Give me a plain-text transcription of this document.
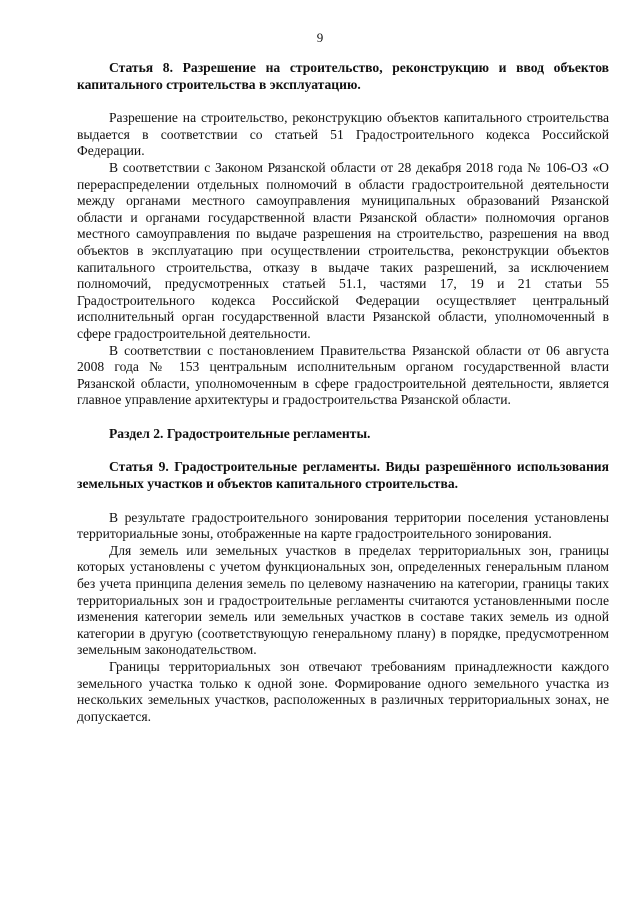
9

Статья 8. Разрешение на строительство, реконструкцию и ввод объектов капитального строительства в эксплуатацию.

Разрешение на строительство, реконструкцию объектов капитального строительства выдается в соответствии со статьей 51 Градостроительного кодекса Российской Федерации.

В соответствии с Законом Рязанской области от 28 декабря 2018 года № 106-ОЗ «О перераспределении отдельных полномочий в области градостроительной деятельности между органами местного самоуправления муниципальных образований Рязанской области и органами государственной власти Рязанской области» полномочия органов местного самоуправления по выдаче разрешения на строительство, разрешения на ввод объектов в эксплуатацию при осуществлении строительства, реконструкции объектов капитального строительства, отказу в выдаче таких разрешений, за исключением полномочий, предусмотренных статьей 51.1, частями 17, 19 и 21 статьи 55 Градостроительного кодекса Российской Федерации осуществляет центральный исполнительный орган государственной власти Рязанской области, уполномоченный в сфере градостроительной деятельности.

В соответствии с постановлением Правительства Рязанской области от 06 августа 2008 года № 153 центральным исполнительным органом государственной власти Рязанской области, уполномоченным в сфере градостроительной деятельности, является главное управление архитектуры и градостроительства Рязанской области.

Раздел 2. Градостроительные регламенты.

Статья 9. Градостроительные регламенты. Виды разрешённого использования земельных участков и объектов капитального строительства.

В результате градостроительного зонирования территории поселения установлены территориальные зоны, отображенные на карте градостроительного зонирования.

Для земель или земельных участков в пределах территориальных зон, границы которых установлены с учетом функциональных зон, определенных генеральным планом без учета принципа деления земель по целевому назначению на категории, границы таких территориальных зон и градостроительные регламенты считаются установленными после изменения категории земель или земельных участков в составе таких земель из одной категории в другую (соответствующую генеральному плану) в порядке, предусмотренном земельным законодательством.

Границы территориальных зон отвечают требованиям принадлежности каждого земельного участка только к одной зоне. Формирование одного земельного участка из нескольких земельных участков, расположенных в различных территориальных зонах, не допускается.
